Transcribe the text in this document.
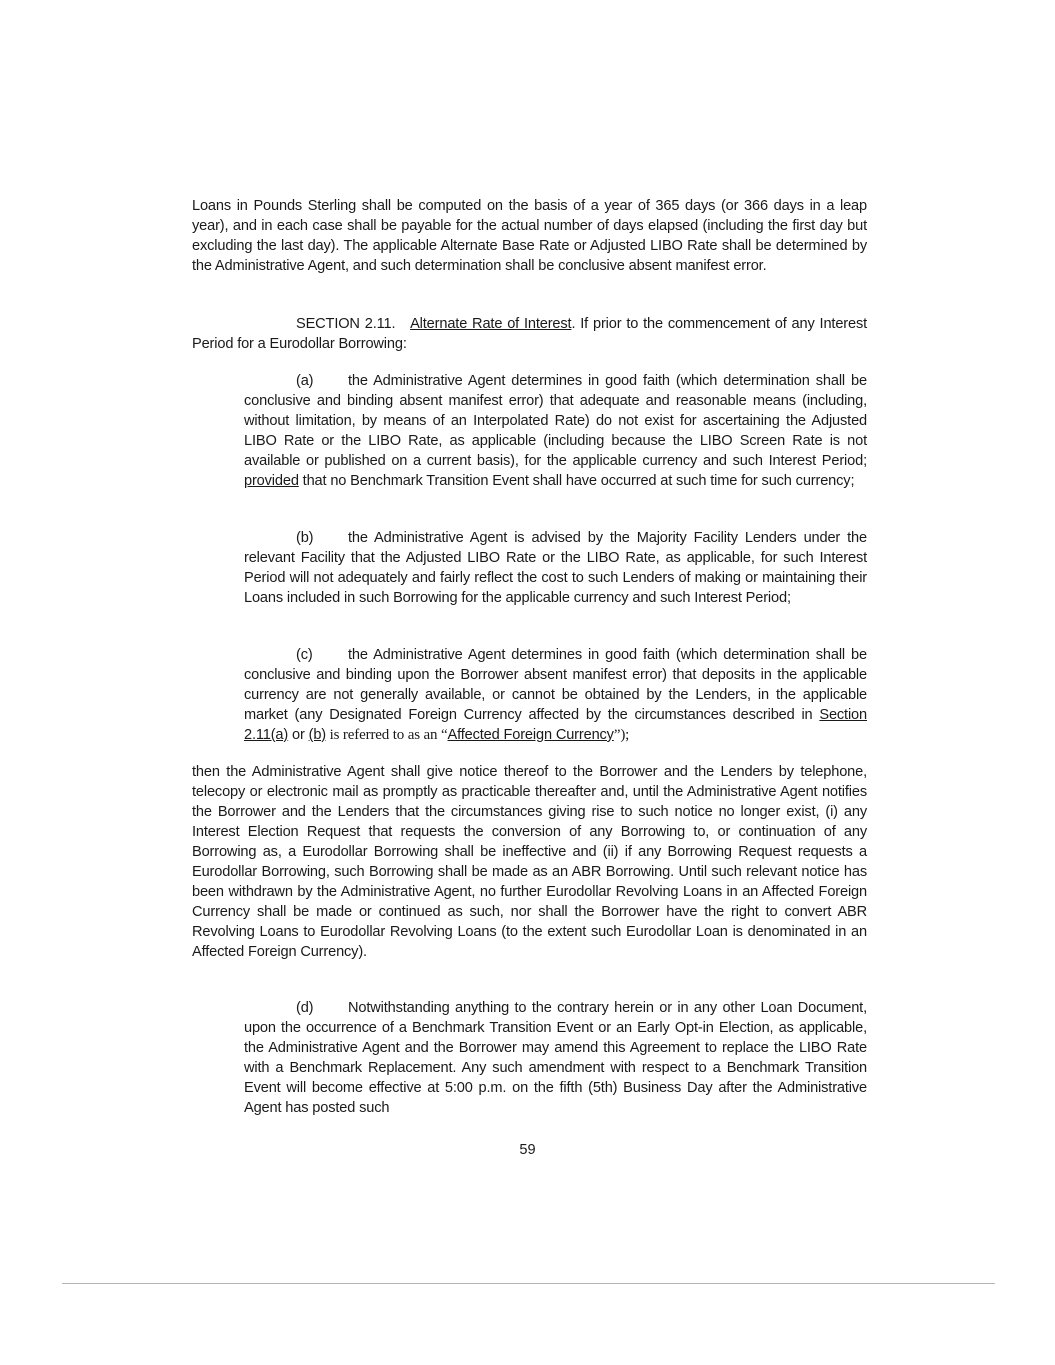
Loans in Pounds Sterling shall be computed on the basis of a year of 365 days (or 366 days in a leap year), and in each case shall be payable for the actual number of days elapsed (including the first day but excluding the last day). The applicable Alternate Base Rate or Adjusted LIBO Rate shall be determined by the Administrative Agent, and such determination shall be conclusive absent manifest error.
SECTION 2.11. Alternate Rate of Interest. If prior to the commencement of any Interest Period for a Eurodollar Borrowing:
(a) the Administrative Agent determines in good faith (which determination shall be conclusive and binding absent manifest error) that adequate and reasonable means (including, without limitation, by means of an Interpolated Rate) do not exist for ascertaining the Adjusted LIBO Rate or the LIBO Rate, as applicable (including because the LIBO Screen Rate is not available or published on a current basis), for the applicable currency and such Interest Period; provided that no Benchmark Transition Event shall have occurred at such time for such currency;
(b) the Administrative Agent is advised by the Majority Facility Lenders under the relevant Facility that the Adjusted LIBO Rate or the LIBO Rate, as applicable, for such Interest Period will not adequately and fairly reflect the cost to such Lenders of making or maintaining their Loans included in such Borrowing for the applicable currency and such Interest Period;
(c) the Administrative Agent determines in good faith (which determination shall be conclusive and binding upon the Borrower absent manifest error) that deposits in the applicable currency are not generally available, or cannot be obtained by the Lenders, in the applicable market (any Designated Foreign Currency affected by the circumstances described in Section 2.11(a) or (b) is referred to as an “Affected Foreign Currency”);
then the Administrative Agent shall give notice thereof to the Borrower and the Lenders by telephone, telecopy or electronic mail as promptly as practicable thereafter and, until the Administrative Agent notifies the Borrower and the Lenders that the circumstances giving rise to such notice no longer exist, (i) any Interest Election Request that requests the conversion of any Borrowing to, or continuation of any Borrowing as, a Eurodollar Borrowing shall be ineffective and (ii) if any Borrowing Request requests a Eurodollar Borrowing, such Borrowing shall be made as an ABR Borrowing. Until such relevant notice has been withdrawn by the Administrative Agent, no further Eurodollar Revolving Loans in an Affected Foreign Currency shall be made or continued as such, nor shall the Borrower have the right to convert ABR Revolving Loans to Eurodollar Revolving Loans (to the extent such Eurodollar Loan is denominated in an Affected Foreign Currency).
(d) Notwithstanding anything to the contrary herein or in any other Loan Document, upon the occurrence of a Benchmark Transition Event or an Early Opt-in Election, as applicable, the Administrative Agent and the Borrower may amend this Agreement to replace the LIBO Rate with a Benchmark Replacement. Any such amendment with respect to a Benchmark Transition Event will become effective at 5:00 p.m. on the fifth (5th) Business Day after the Administrative Agent has posted such
59
